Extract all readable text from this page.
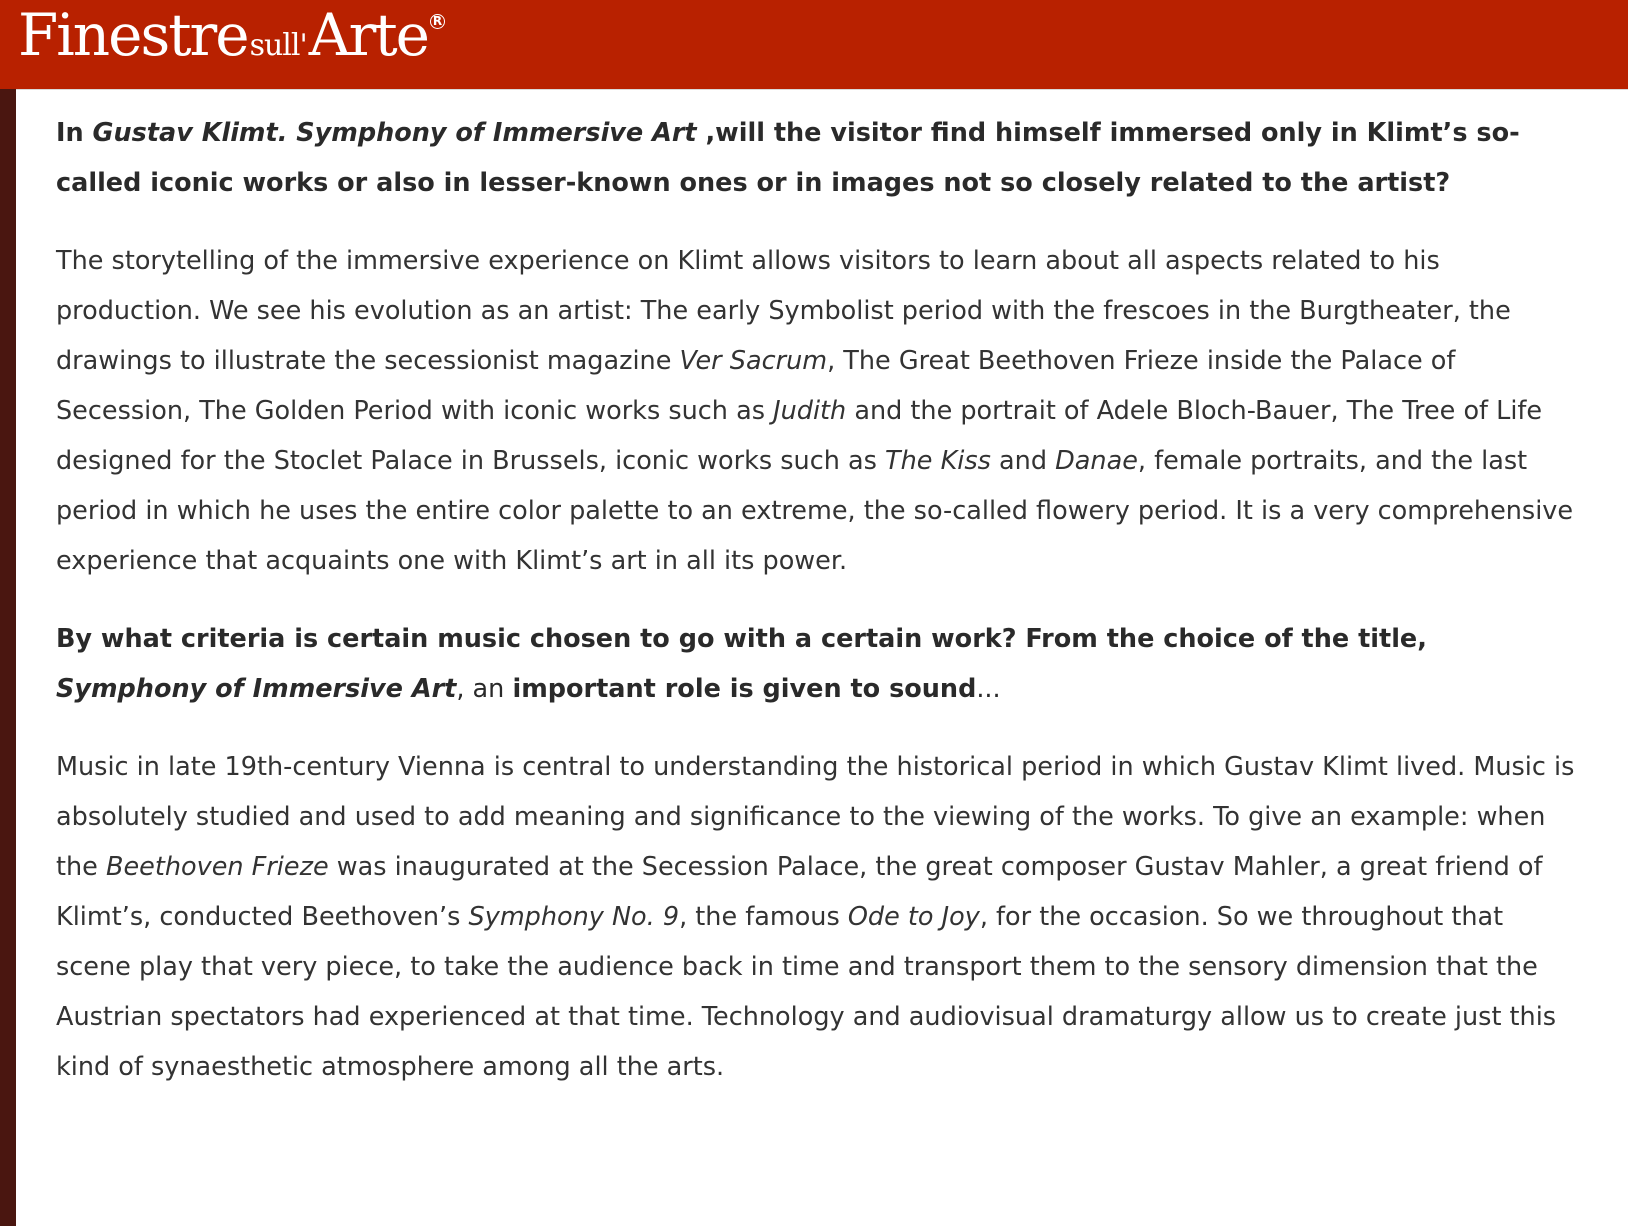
Finestresull'Arte R

In Gustav Klimt. Symphony of Immersive Art ,will the visitor find himself immersed only in Klimt’s so-called iconic works or also in lesser-known ones or in images not so closely related to the artist?

The storytelling of the immersive experience on Klimt allows visitors to learn about all aspects related to his production. We see his evolution as an artist: The early Symbolist period with the frescoes in the Burgtheater, the drawings to illustrate the secessionist magazine Ver Sacrum, The Great Beethoven Frieze inside the Palace of Secession, The Golden Period with iconic works such as Judith and the portrait of Adele Bloch-Bauer, The Tree of Life designed for the Stoclet Palace in Brussels, iconic works such as The Kiss and Danae, female portraits, and the last period in which he uses the entire color palette to an extreme, the so-called flowery period. It is a very comprehensive experience that acquaints one with Klimt’s art in all its power.

By what criteria is certain music chosen to go with a certain work? From the choice of the title, Symphony of Immersive Art, an important role is given to sound...

Music in late 19th-century Vienna is central to understanding the historical period in which Gustav Klimt lived. Music is absolutely studied and used to add meaning and significance to the viewing of the works. To give an example: when the Beethoven Frieze was inaugurated at the Secession Palace, the great composer Gustav Mahler, a great friend of Klimt’s, conducted Beethoven’s Symphony No. 9, the famous Ode to Joy, for the occasion. So we throughout that scene play that very piece, to take the audience back in time and transport them to the sensory dimension that the Austrian spectators had experienced at that time. Technology and audiovisual dramaturgy allow us to create just this kind of synaesthetic atmosphere among all the arts.
